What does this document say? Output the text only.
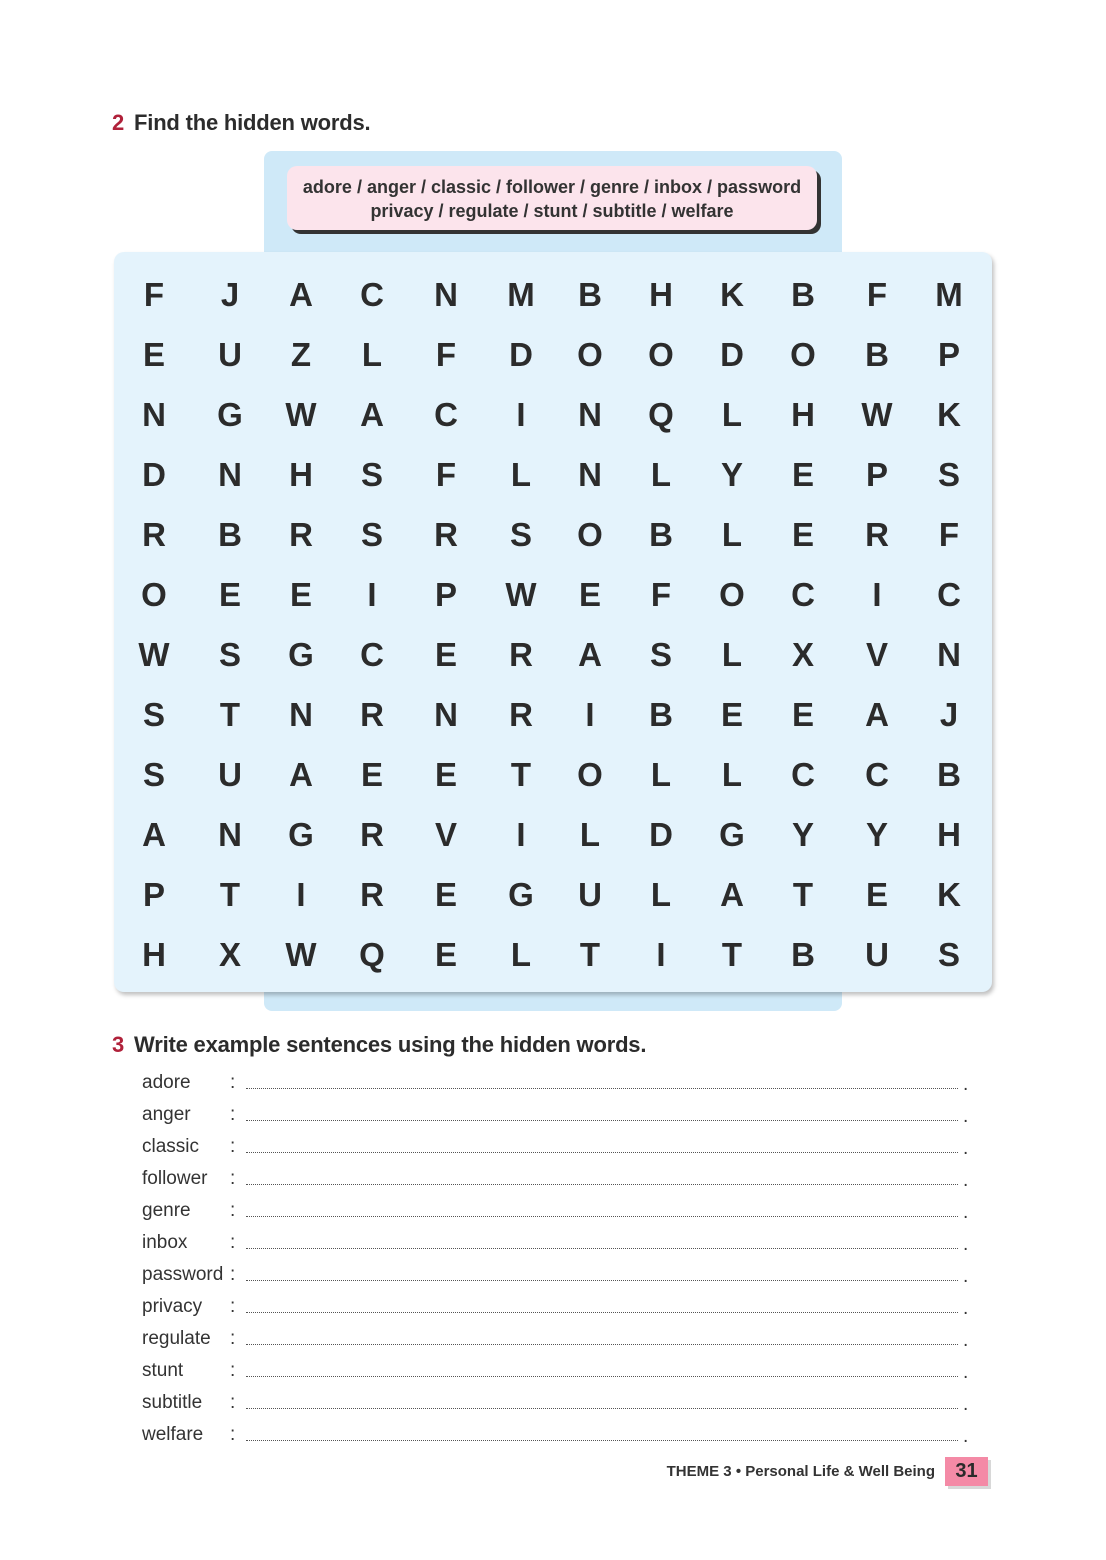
2 Find the hidden words.
adore / anger / classic / follower / genre / inbox / password
privacy / regulate / stunt / subtitle / welfare
F	J	A C N M B H K B	F	M
E U	Z	L	F	D O O D O B P
N G W A C	I	N Q	L	H W K
D N H S	F	L	N	L	Y E P S
R B R S R S O B	L	E R	F
O E E	I	P W E	F	O C	I	C
W S G C E R A S	L	X V N
S	T	N R N R	I	B E E A	J
S U A E E	T	O	L	L	C C B
A N G R V	I	L	D G Y Y H
P	T	I	R E G U	L	A	T	E K
H X W Q E	L	T	I	T	B U S
3 Write example sentences using the hidden words.
adore :	.
anger :	.
classic :	.
follower :	.
genre :	.
inbox :	.
password :	.
privacy :	.
regulate :	.
stunt :	.
subtitle :	.
welfare :	.
THEME 3 • Personal Life & Well Being	31
